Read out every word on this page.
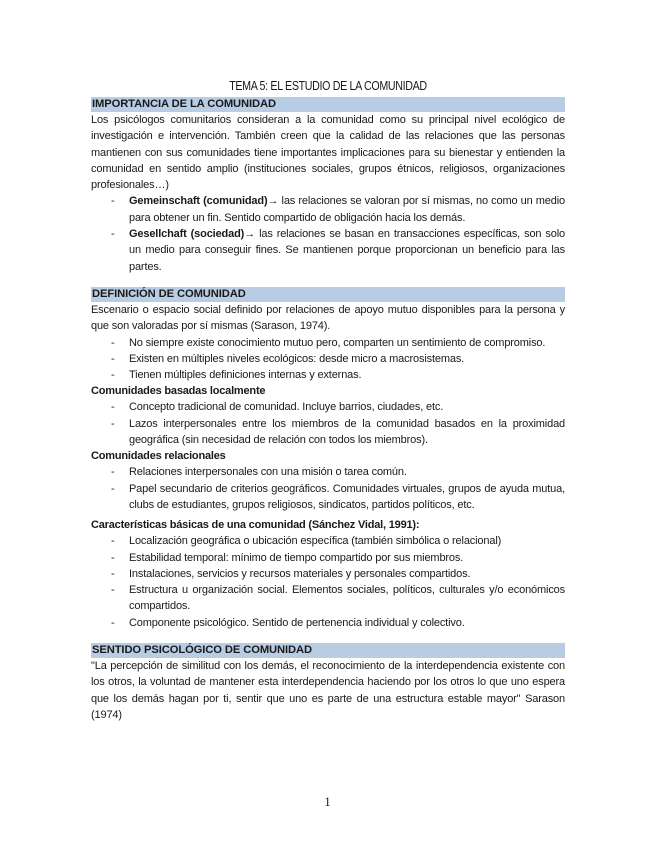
TEMA 5: EL ESTUDIO DE LA COMUNIDAD
IMPORTANCIA DE LA COMUNIDAD

Los psicólogos comunitarios consideran a la comunidad como su principal nivel ecológico de investigación e intervención. También creen que la calidad de las relaciones que las personas mantienen con sus comunidades tiene importantes implicaciones para su bienestar y entienden la comunidad en sentido amplio (instituciones sociales, grupos étnicos, religiosos, organizaciones profesionales…)

- Gemeinschaft (comunidad)→ las relaciones se valoran por sí mismas, no como un medio para obtener un fin. Sentido compartido de obligación hacia los demás.
- Gesellchaft (sociedad)→ las relaciones se basan en transacciones específicas, son solo un medio para conseguir fines. Se mantienen porque proporcionan un beneficio para las partes.
DEFINICIÓN DE COMUNIDAD

Escenario o espacio social definido por relaciones de apoyo mutuo disponibles para la persona y que son valoradas por sí mismas (Sarason, 1974).

- No siempre existe conocimiento mutuo pero, comparten un sentimiento de compromiso.
- Existen en múltiples niveles ecológicos: desde micro a macrosistemas.
- Tienen múltiples definiciones internas y externas.

Comunidades basadas localmente

- Concepto tradicional de comunidad. Incluye barrios, ciudades, etc.
- Lazos interpersonales entre los miembros de la comunidad basados en la proximidad geográfica (sin necesidad de relación con todos los miembros).

Comunidades relacionales

- Relaciones interpersonales con una misión o tarea común.
- Papel secundario de criterios geográficos. Comunidades virtuales, grupos de ayuda mutua, clubs de estudiantes, grupos religiosos, sindicatos, partidos políticos, etc.

Características básicas de una comunidad (Sánchez Vidal, 1991):

- Localización geográfica o ubicación específica (también simbólica o relacional)
- Estabilidad temporal: mínimo de tiempo compartido por sus miembros.
- Instalaciones, servicios y recursos materiales y personales compartidos.
- Estructura u organización social. Elementos sociales, políticos, culturales y/o económicos compartidos.
- Componente psicológico. Sentido de pertenencia individual y colectivo.
SENTIDO PSICOLÓGICO DE COMUNIDAD

"La percepción de similitud con los demás, el reconocimiento de la interdependencia existente con los otros, la voluntad de mantener esta interdependencia haciendo por los otros lo que uno espera que los demás hagan por ti, sentir que uno es parte de una estructura estable mayor" Sarason (1974)

1
